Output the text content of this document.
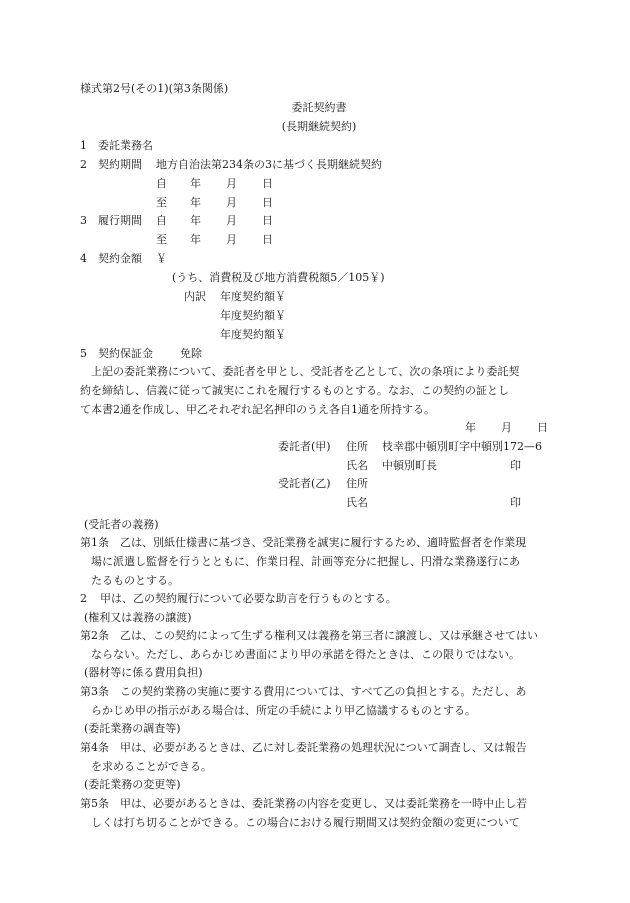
様式第2号(その1)(第3条関係)
委託契約書
(長期継続契約)
1 委託業務名
2 契約期間 地方自治法第234条の3に基づく長期継続契約
自 年 月 日
至 年 月 日
3 履行期間 自 年 月 日
至 年 月 日
4 契約金額 ￥
(うち、消費税及び地方消費税額5／105￥)
内訳 年度契約額￥
年度契約額￥
年度契約額￥
5 契約保証金 免除
上記の委託業務について、委託者を甲とし、受託者を乙として、次の条項により委託契
約を締結し、信義に従って誠実にこれを履行するものとする。なお、この契約の証とし
て本書2通を作成し、甲乙それぞれ記名押印のうえ各自1通を所持する。
年 月 日
委託者(甲) 住所 枝幸郡中頓別町字中頓別172—6
氏名 中頓別町長	印
受託者(乙) 住所
氏名	印
(受託者の義務)
第1条 乙は、別紙仕様書に基づき、受託業務を誠実に履行するため、適時監督者を作業現
場に派遣し監督を行うとともに、作業日程、計画等充分に把握し、円滑な業務遂行にあ
たるものとする。
2 甲は、乙の契約履行について必要な助言を行うものとする。
(権利又は義務の譲渡)
第2条 乙は、この契約によって生ずる権利又は義務を第三者に譲渡し、又は承継させてはい
ならない。ただし、あらかじめ書面により甲の承諾を得たときは、この限りではない。
(器材等に係る費用負担)
第3条 この契約業務の実施に要する費用については、すべて乙の負担とする。ただし、あ
らかじめ甲の指示がある場合は、所定の手続により甲乙協議するものとする。
(委託業務の調査等)
第4条 甲は、必要があるときは、乙に対し委託業務の処理状況について調査し、又は報告
を求めることができる。
(委託業務の変更等)
第5条 甲は、必要があるときは、委託業務の内容を変更し、又は委託業務を一時中止し若
しくは打ち切ることができる。この場合における履行期間又は契約金額の変更について
